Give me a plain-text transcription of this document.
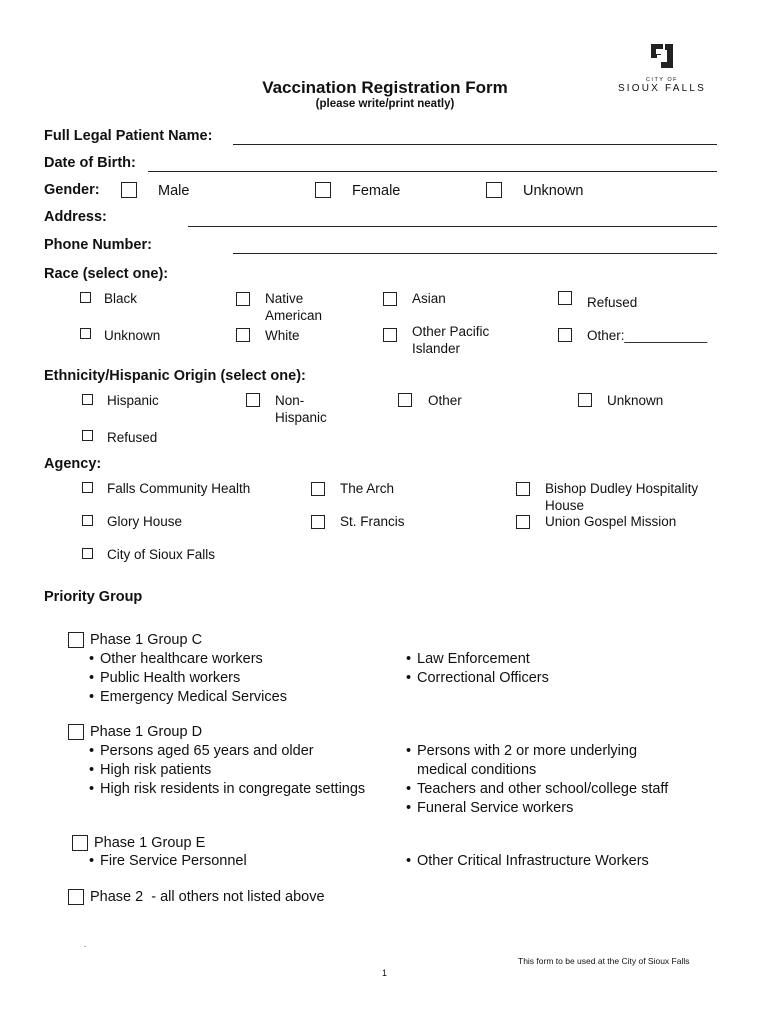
Vaccination Registration Form
(please write/print neatly)
CITY OF
SIOUX FALLS
Full Legal Patient Name:
Date of Birth:
Gender:	Male	Female	Unknown
Address:
Phone Number:
Race (select one):
Black	Native American
Asian	Refused
Unknown	White	Other Pacific Islander
Other:___________
Ethnicity/Hispanic Origin (select one):
Hispanic	Non-Hispanic
Other	Unknown
Refused
Agency:
Falls Community Health	The Arch	Bishop Dudley Hospitality House
Glory House	St. Francis	Union Gospel Mission
City of Sioux Falls
Priority Group
Phase 1 Group C
• Other healthcare workers
• Public Health workers
• Emergency Medical Services
• Law Enforcement
• Correctional Officers
Phase 1 Group D
• Persons aged 65 years and older
• High risk patients
• High risk residents in congregate settings
• Persons with 2 or more underlying medical conditions
• Teachers and other school/college staff
• Funeral Service workers
Phase 1 Group E
• Fire Service Personnel
•	Other Critical Infrastructure Workers
Phase 2  - all others not listed above
.
This form to be used at the City of Sioux Falls
1
